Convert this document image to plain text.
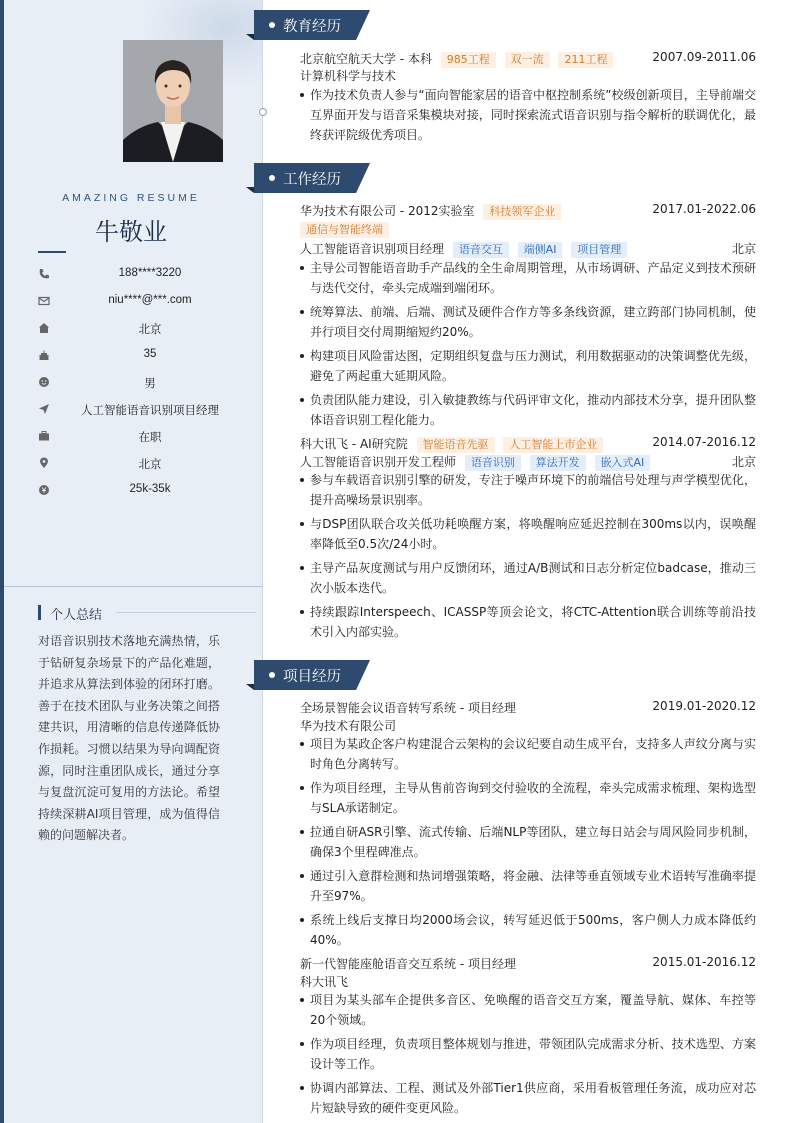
AMAZING RESUME
牛敬业
188****3220
niu****@***.com
北京
35
男
人工智能语音识别项目经理
在职
北京
25k-35k
个人总结
对语音识别技术落地充满热情，乐于钻研复杂场景下的产品化难题，并追求从算法到体验的闭环打磨。善于在技术团队与业务决策之间搭建共识，用清晰的信息传递降低协作损耗。习惯以结果为导向调配资源，同时注重团队成长，通过分享与复盘沉淀可复用的方法论。希望持续深耕AI项目管理，成为值得信赖的问题解决者。
教育经历
北京航空航天大学 - 本科 985工程 双一流 211工程	2007.09-2011.06
计算机科学与技术
作为技术负责人参与“面向智能家居的语音中枢控制系统”校级创新项目，主导前端交互界面开发与语音采集模块对接，同时探索流式语音识别与指令解析的联调优化，最终获评院级优秀项目。
工作经历
华为技术有限公司 - 2012实验室 科技领军企业	2017.01-2022.06
通信与智能终端
人工智能语音识别项目经理 语音交互 端侧AI 项目管理	北京
主导公司智能语音助手产品线的全生命周期管理，从市场调研、产品定义到技术预研与迭代交付，牵头完成端到端闭环。
统筹算法、前端、后端、测试及硬件合作方等多条线资源，建立跨部门协同机制，使并行项目交付周期缩短约20%。
构建项目风险雷达图，定期组织复盘与压力测试，利用数据驱动的决策调整优先级，避免了两起重大延期风险。
负责团队能力建设，引入敏捷教练与代码评审文化，推动内部技术分享，提升团队整体语音识别工程化能力。
科大讯飞 - AI研究院 智能语音先驱 人工智能上市企业	2014.07-2016.12
人工智能语音识别开发工程师 语音识别 算法开发 嵌入式AI	北京
参与车载语音识别引擎的研发，专注于噪声环境下的前端信号处理与声学模型优化，提升高噪场景识别率。
与DSP团队联合攻关低功耗唤醒方案，将唤醒响应延迟控制在300ms以内，误唤醒率降低至0.5次/24小时。
主导产品灰度测试与用户反馈闭环，通过A/B测试和日志分析定位badcase，推动三次小版本迭代。
持续跟踪Interspeech、ICASSP等顶会论文，将CTC-Attention联合训练等前沿技术引入内部实验。
项目经历
全场景智能会议语音转写系统 - 项目经理	2019.01-2020.12
华为技术有限公司
项目为某政企客户构建混合云架构的会议纪要自动生成平台，支持多人声纹分离与实时角色分离转写。
作为项目经理，主导从售前咨询到交付验收的全流程，牵头完成需求梳理、架构选型与SLA承诺制定。
拉通自研ASR引擎、流式传输、后端NLP等团队，建立每日站会与周风险同步机制，确保3个里程碑准点。
通过引入意群检测和热词增强策略，将金融、法律等垂直领域专业术语转写准确率提升至97%。
系统上线后支撑日均2000场会议，转写延迟低于500ms，客户侧人力成本降低约40%。
新一代智能座舱语音交互系统 - 项目经理	2015.01-2016.12
科大讯飞
项目为某头部车企提供多音区、免唤醒的语音交互方案，覆盖导航、媒体、车控等20个领域。
作为项目经理，负责项目整体规划与推进，带领团队完成需求分析、技术选型、方案设计等工作。
协调内部算法、工程、测试及外部Tier1供应商，采用看板管理任务流，成功应对芯片短缺导致的硬件变更风险。
